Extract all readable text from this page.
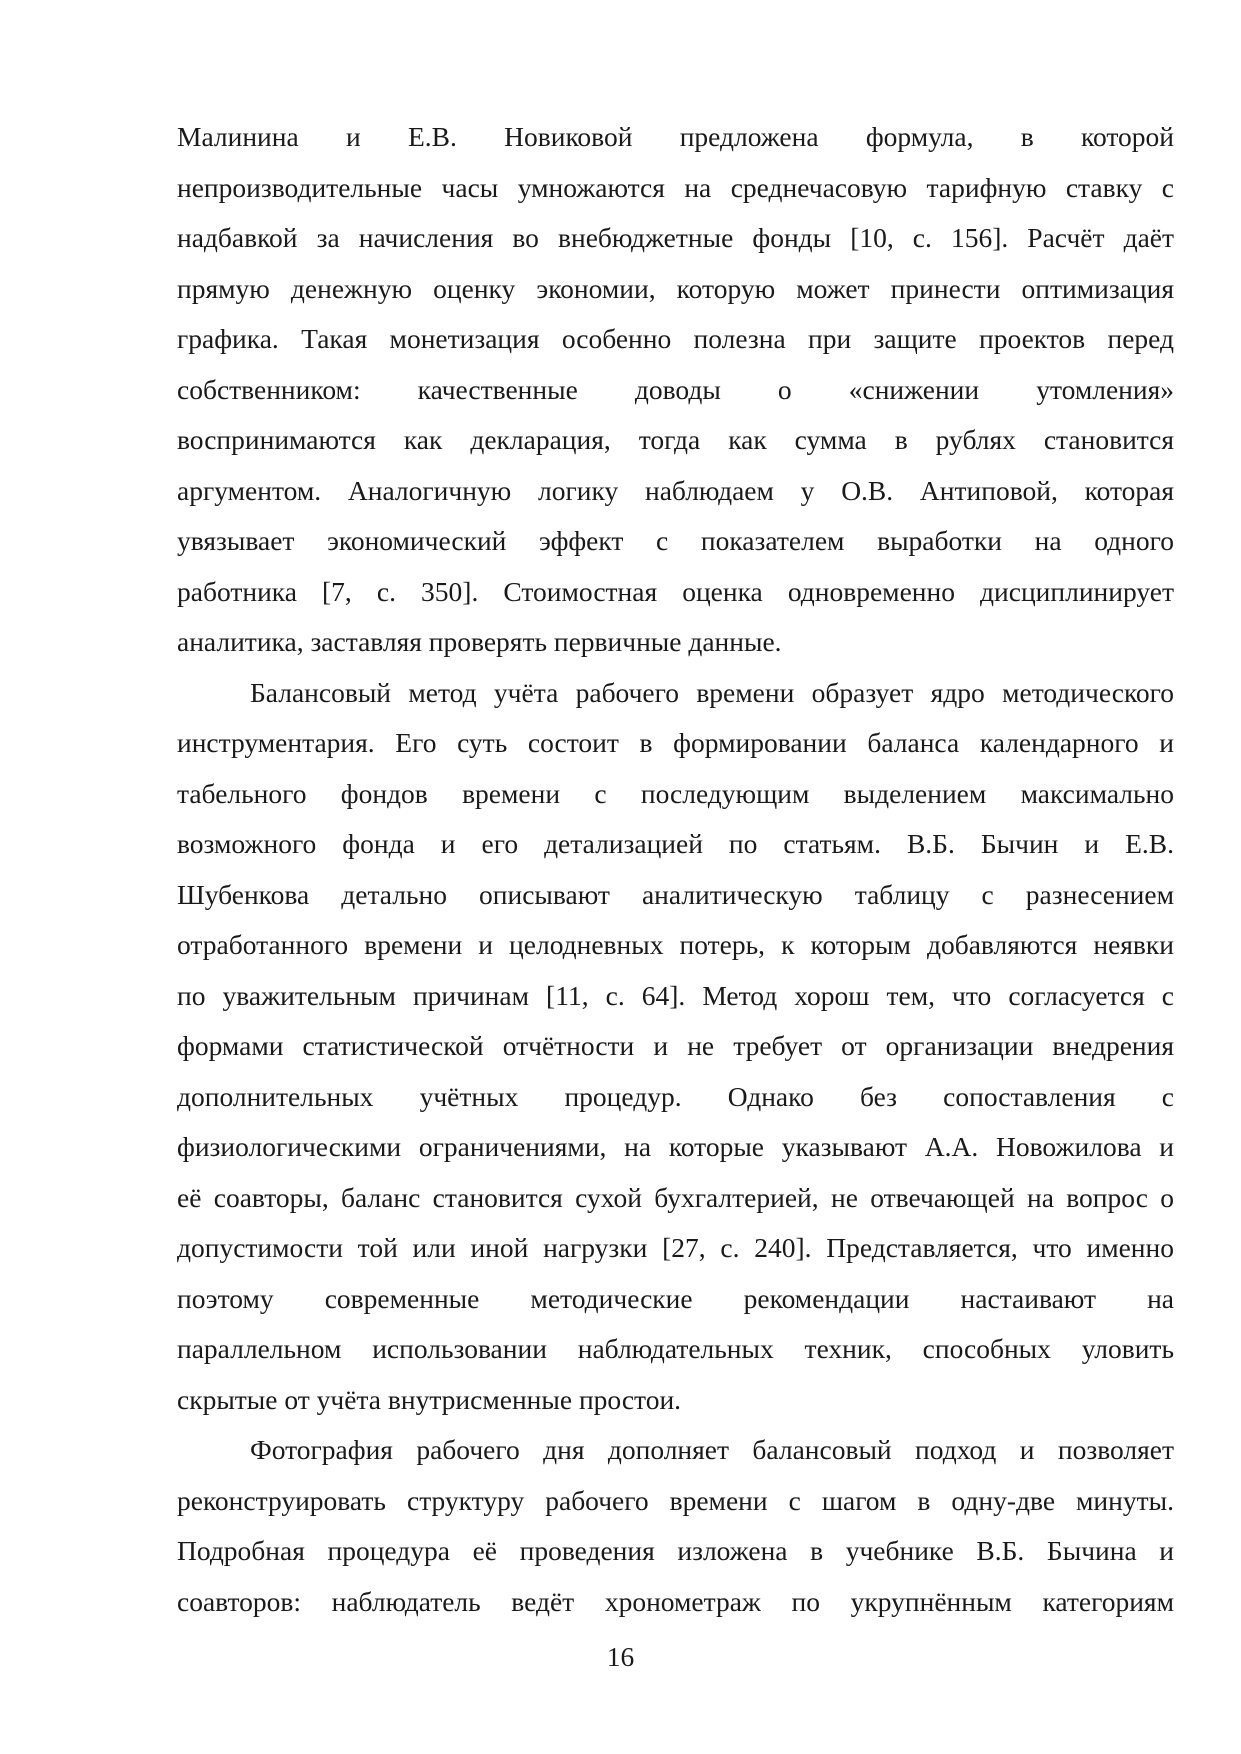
Малинина и Е.В. Новиковой предложена формула, в которой
непроизводительные часы умножаются на среднечасовую тарифную ставку с
надбавкой за начисления во внебюджетные фонды [10, с. 156]. Расчёт даёт
прямую денежную оценку экономии, которую может принести оптимизация
графика. Такая монетизация особенно полезна при защите проектов перед
собственником: качественные доводы о «снижении утомления»
воспринимаются как декларация, тогда как сумма в рублях становится
аргументом. Аналогичную логику наблюдаем у О.В. Антиповой, которая
увязывает экономический эффект с показателем выработки на одного
работника [7, с. 350]. Стоимостная оценка одновременно дисциплинирует
аналитика, заставляя проверять первичные данные.
Балансовый метод учёта рабочего времени образует ядро методического
инструментария. Его суть состоит в формировании баланса календарного и
табельного фондов времени с последующим выделением максимально
возможного фонда и его детализацией по статьям. В.Б. Бычин и Е.В.
Шубенкова детально описывают аналитическую таблицу с разнесением
отработанного времени и целодневных потерь, к которым добавляются неявки
по уважительным причинам [11, с. 64]. Метод хорош тем, что согласуется с
формами статистической отчётности и не требует от организации внедрения
дополнительных учётных процедур. Однако без сопоставления с
физиологическими ограничениями, на которые указывают А.А. Новожилова и
её соавторы, баланс становится сухой бухгалтерией, не отвечающей на вопрос о
допустимости той или иной нагрузки [27, с. 240]. Представляется, что именно
поэтому современные методические рекомендации настаивают на
параллельном использовании наблюдательных техник, способных уловить
скрытые от учёта внутрисменные простои.
Фотография рабочего дня дополняет балансовый подход и позволяет
реконструировать структуру рабочего времени с шагом в одну-две минуты.
Подробная процедура её проведения изложена в учебнике В.Б. Бычина и
соавторов: наблюдатель ведёт хронометраж по укрупнённым категориям
16
